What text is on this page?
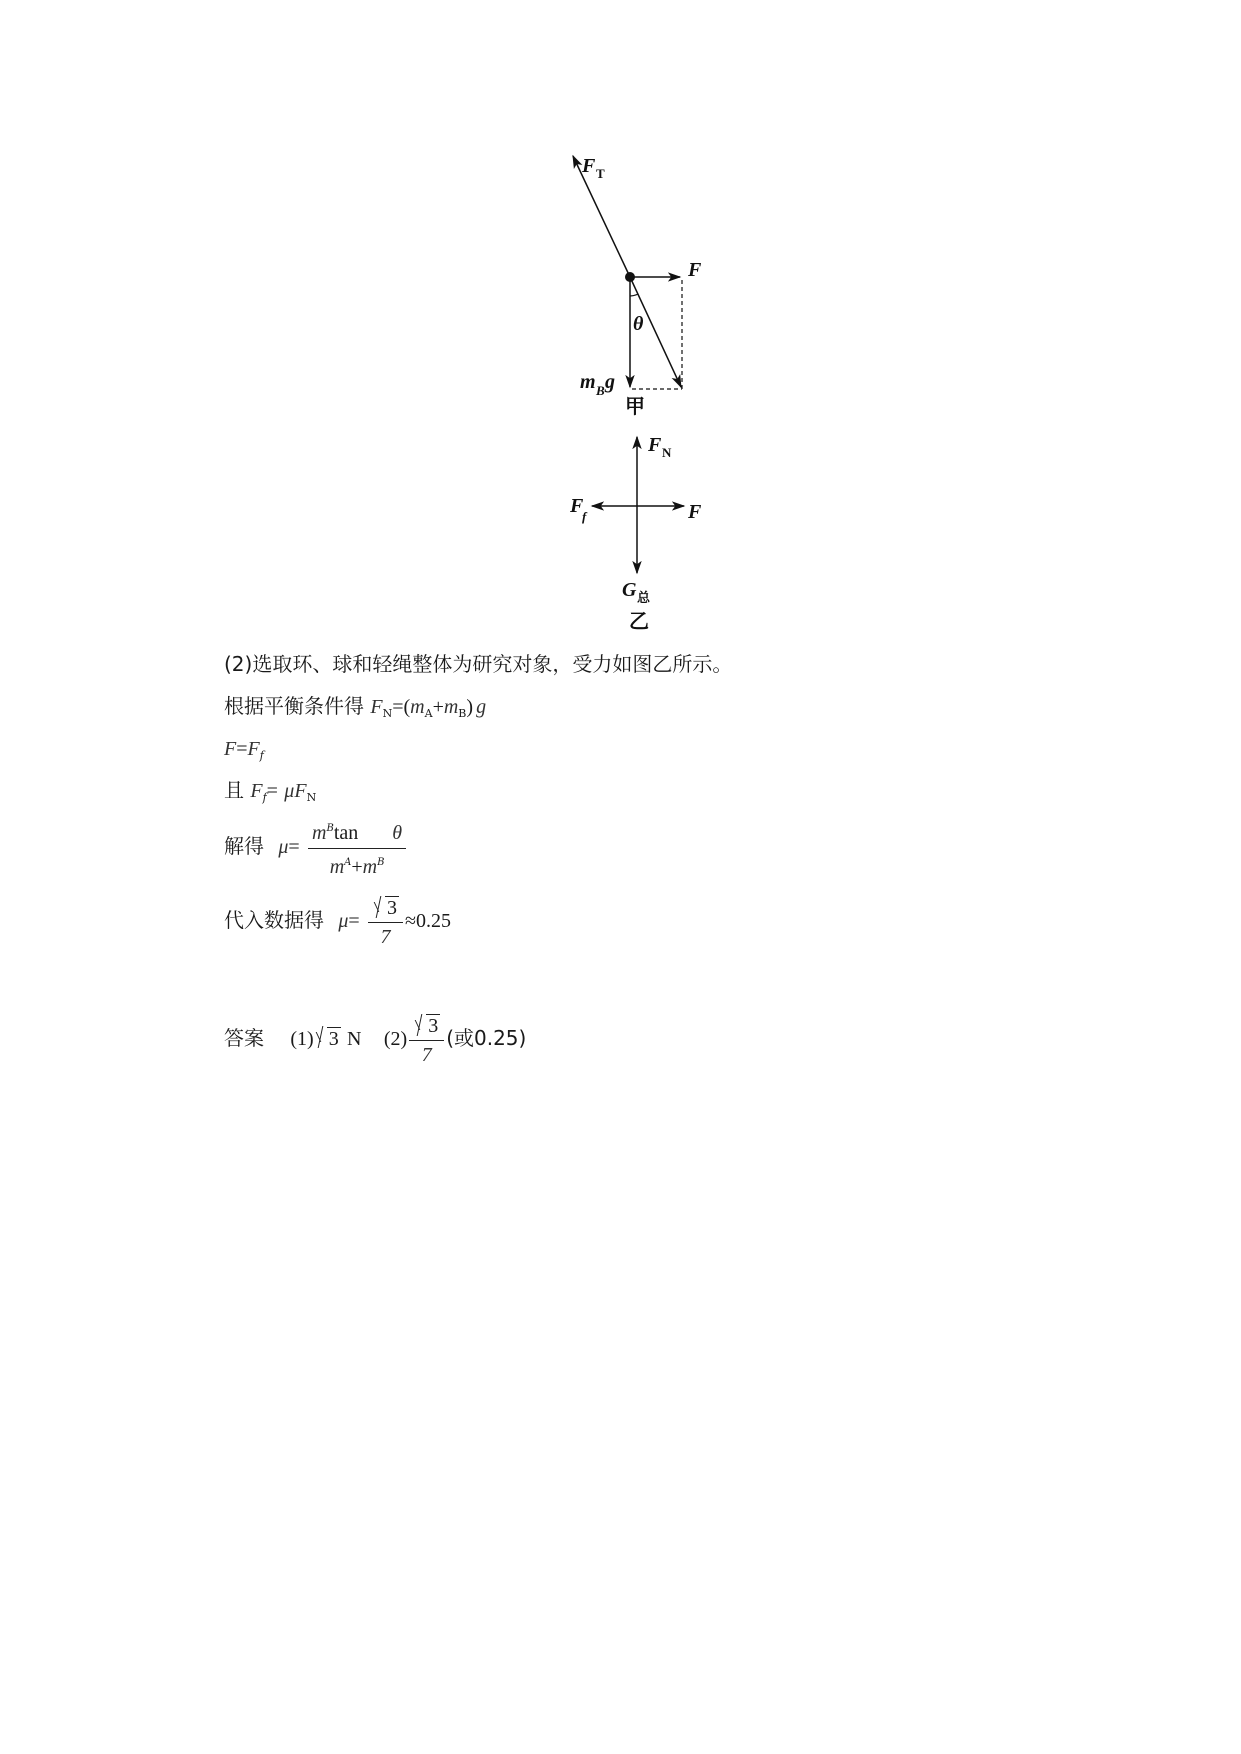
F T
F
θ
m B g
甲
F N
F
f	F
G 总
乙
(2)选取环、球和轻绳整体为研究对象，受力如图乙所示。
根据平衡条件得 $F_N=(m_A+m_B)$ g
$F=F_f$
且 $F_f= \mu F_N$
解得 $\mu= \frac{m^B\tan \theta}{m^A+m^B}$
代入数据得 $\mu= \frac{3}{7} \approx 0.25$
答案 (1) 3 N $(2) \frac{3}{7}$ (或0.25)
